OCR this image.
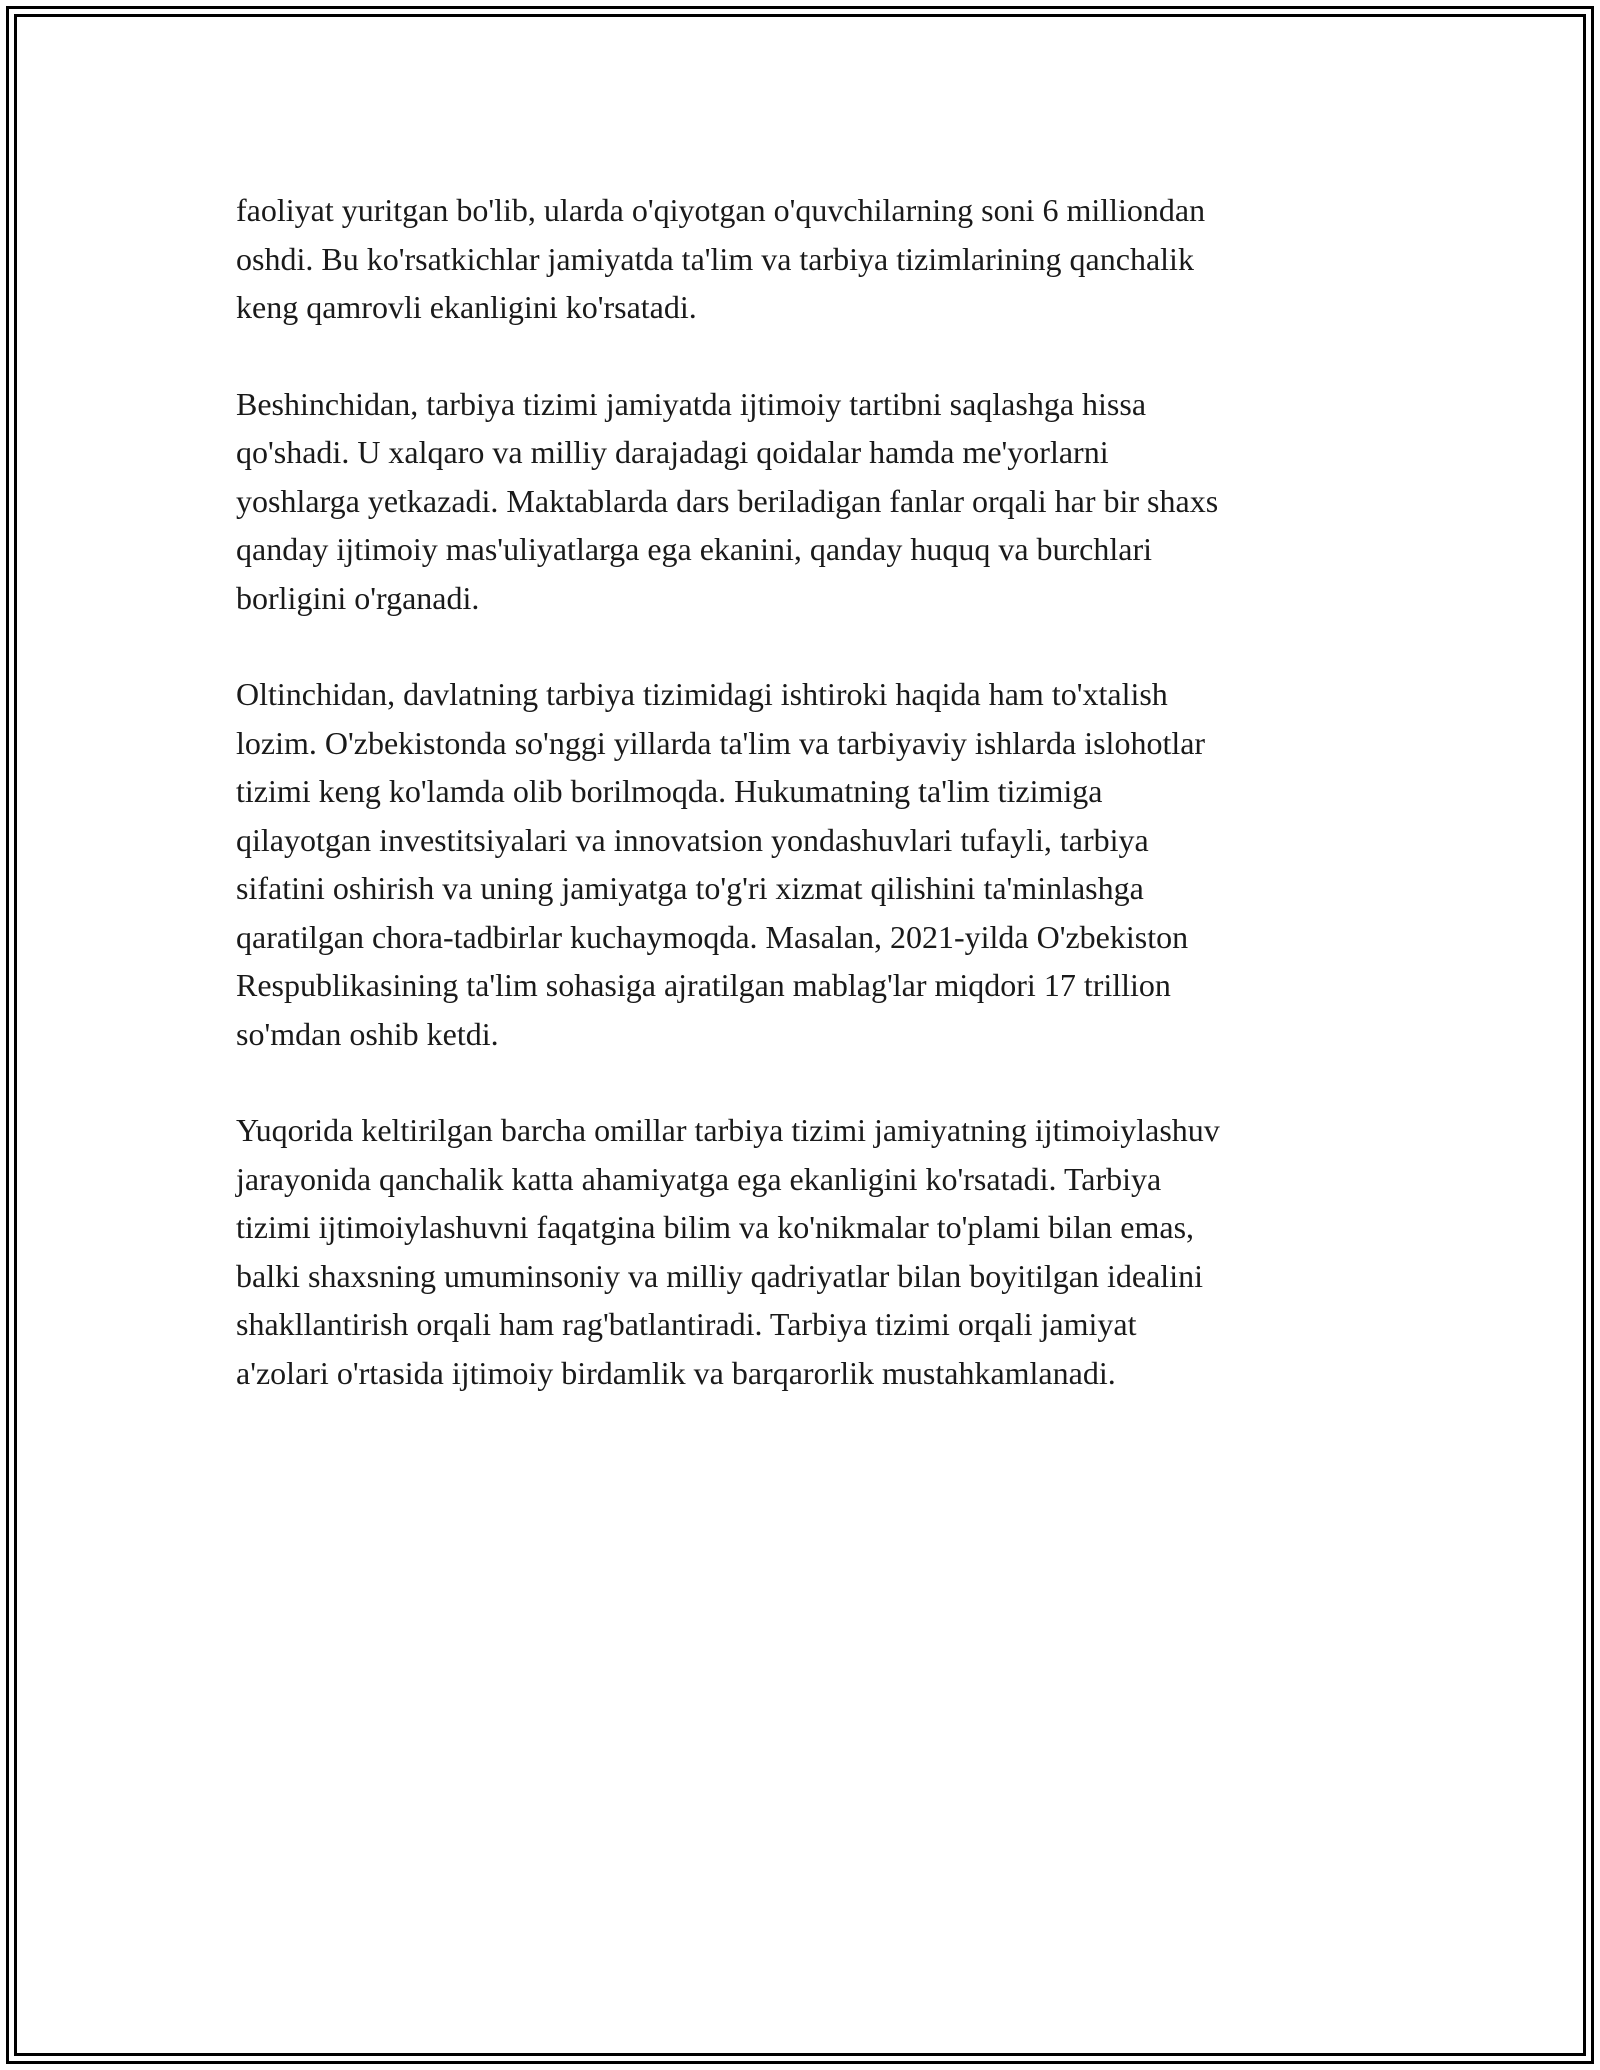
faoliyat yuritgan bo'lib, ularda o'qiyotgan o'quvchilarning soni 6 milliondan
oshdi. Bu ko'rsatkichlar jamiyatda ta'lim va tarbiya tizimlarining qanchalik
keng qamrovli ekanligini ko'rsatadi.

Beshinchidan, tarbiya tizimi jamiyatda ijtimoiy tartibni saqlashga hissa
qo'shadi. U xalqaro va milliy darajadagi qoidalar hamda me'yorlarni
yoshlarga yetkazadi. Maktablarda dars beriladigan fanlar orqali har bir shaxs
qanday ijtimoiy mas'uliyatlarga ega ekanini, qanday huquq va burchlari
borligini o'rganadi.

Oltinchidan, davlatning tarbiya tizimidagi ishtiroki haqida ham to'xtalish
lozim. O'zbekistonda so'nggi yillarda ta'lim va tarbiyaviy ishlarda islohotlar
tizimi keng ko'lamda olib borilmoqda. Hukumatning ta'lim tizimiga
qilayotgan investitsiyalari va innovatsion yondashuvlari tufayli, tarbiya
sifatini oshirish va uning jamiyatga to'g'ri xizmat qilishini ta'minlashga
qaratilgan chora-tadbirlar kuchaymoqda. Masalan, 2021-yilda O'zbekiston
Respublikasining ta'lim sohasiga ajratilgan mablag'lar miqdori 17 trillion
so'mdan oshib ketdi.

Yuqorida keltirilgan barcha omillar tarbiya tizimi jamiyatning ijtimoiylashuv
jarayonida qanchalik katta ahamiyatga ega ekanligini ko'rsatadi. Tarbiya
tizimi ijtimoiylashuvni faqatgina bilim va ko'nikmalar to'plami bilan emas,
balki shaxsning umuminsoniy va milliy qadriyatlar bilan boyitilgan idealini
shakllantirish orqali ham rag'batlantiradi. Tarbiya tizimi orqali jamiyat
a'zolari o'rtasida ijtimoiy birdamlik va barqarorlik mustahkamlanadi.
